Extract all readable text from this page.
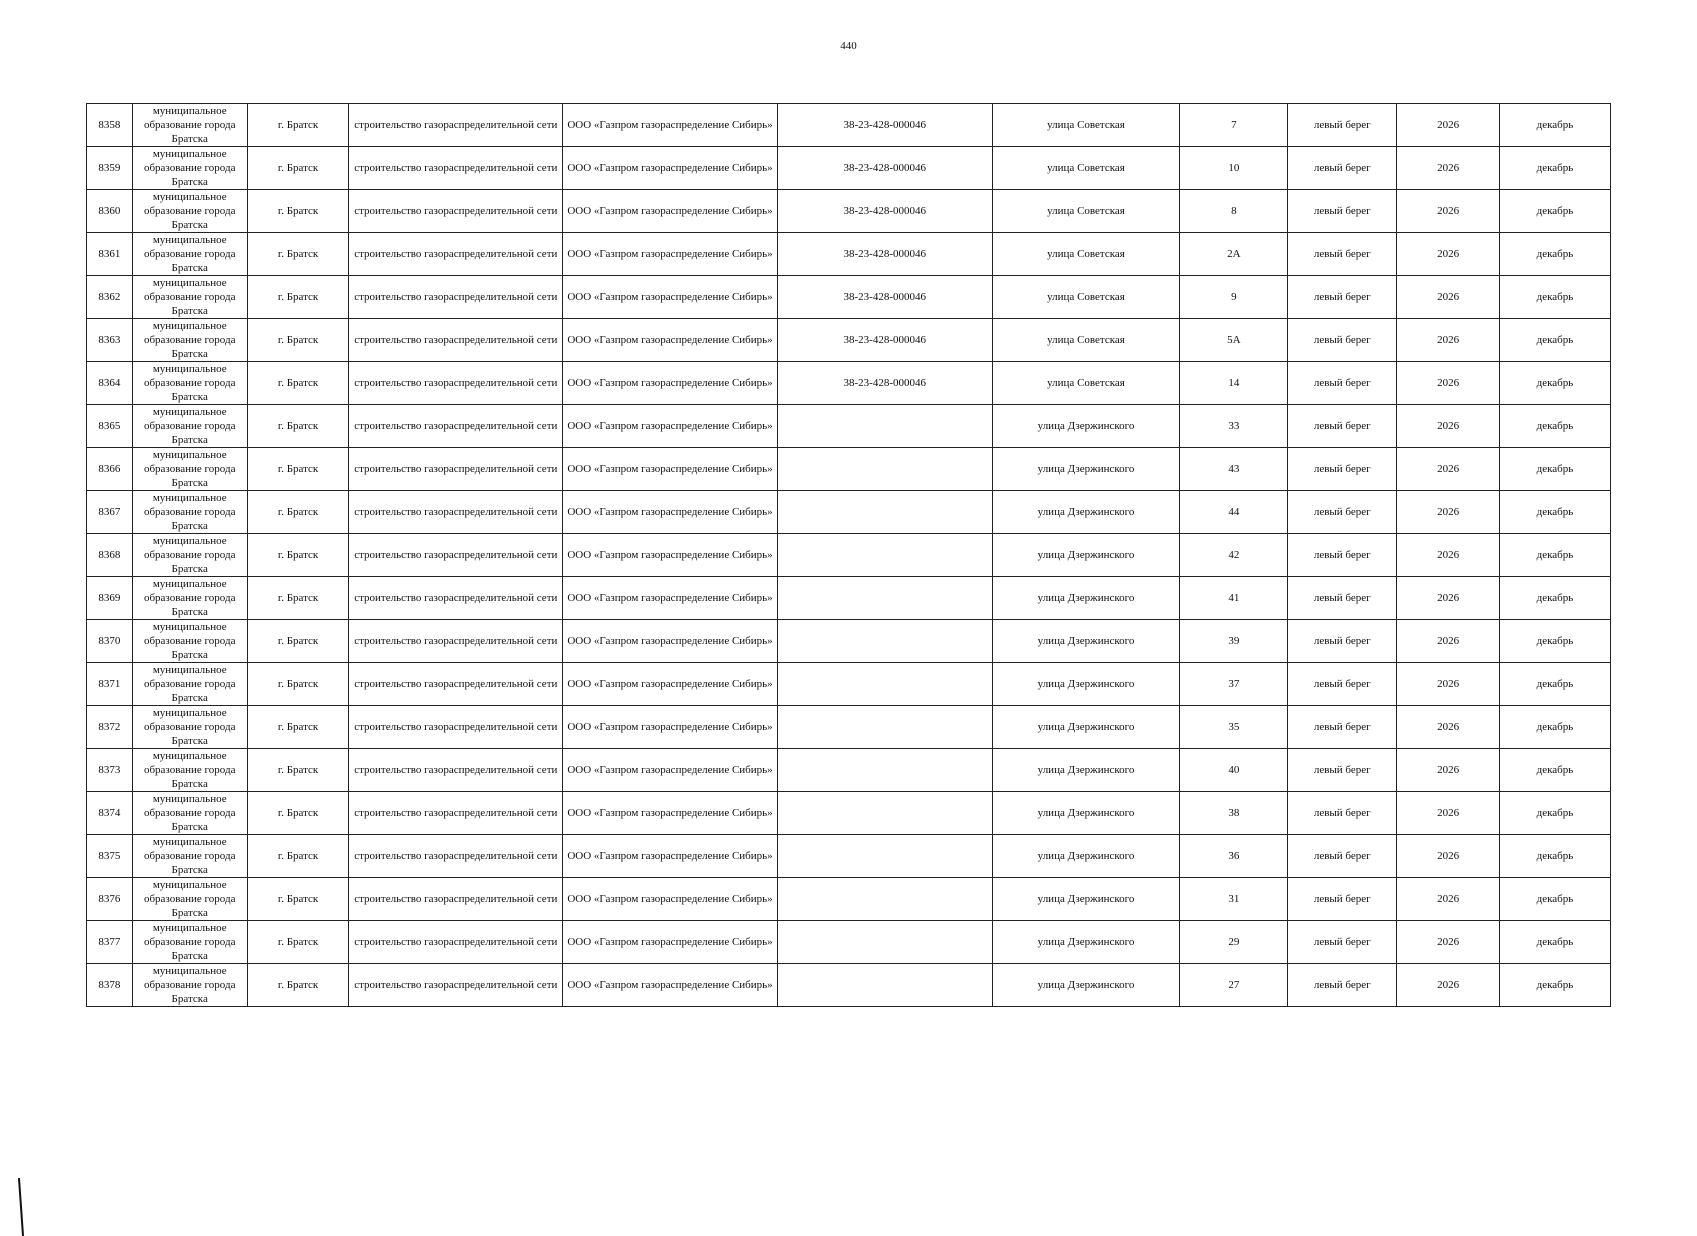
440
8358	муниципальное
образование города
Братска	г. Братск	строительство газораспределительной сети	ООО «Газпром газораспределение Сибирь»	38-23-428-000046	улица Советская	7	левый берег	2026	декабрь
8359	муниципальное
образование города
Братска	г. Братск	строительство газораспределительной сети	ООО «Газпром газораспределение Сибирь»	38-23-428-000046	улица Советская	10	левый берег	2026	декабрь
8360	муниципальное
образование города
Братска	г. Братск	строительство газораспределительной сети	ООО «Газпром газораспределение Сибирь»	38-23-428-000046	улица Советская	8	левый берег	2026	декабрь
8361	муниципальное
образование города
Братска	г. Братск	строительство газораспределительной сети	ООО «Газпром газораспределение Сибирь»	38-23-428-000046	улица Советская	2А	левый берег	2026	декабрь
8362	муниципальное
образование города
Братска	г. Братск	строительство газораспределительной сети	ООО «Газпром газораспределение Сибирь»	38-23-428-000046	улица Советская	9	левый берег	2026	декабрь
8363	муниципальное
образование города
Братска	г. Братск	строительство газораспределительной сети	ООО «Газпром газораспределение Сибирь»	38-23-428-000046	улица Советская	5А	левый берег	2026	декабрь
8364	муниципальное
образование города
Братска	г. Братск	строительство газораспределительной сети	ООО «Газпром газораспределение Сибирь»	38-23-428-000046	улица Советская	14	левый берег	2026	декабрь
8365	муниципальное
образование города
Братска	г. Братск	строительство газораспределительной сети	ООО «Газпром газораспределение Сибирь»		улица Дзержинского	33	левый берег	2026	декабрь
8366	муниципальное
образование города
Братска	г. Братск	строительство газораспределительной сети	ООО «Газпром газораспределение Сибирь»		улица Дзержинского	43	левый берег	2026	декабрь
8367	муниципальное
образование города
Братска	г. Братск	строительство газораспределительной сети	ООО «Газпром газораспределение Сибирь»		улица Дзержинского	44	левый берег	2026	декабрь
8368	муниципальное
образование города
Братска	г. Братск	строительство газораспределительной сети	ООО «Газпром газораспределение Сибирь»		улица Дзержинского	42	левый берег	2026	декабрь
8369	муниципальное
образование города
Братска	г. Братск	строительство газораспределительной сети	ООО «Газпром газораспределение Сибирь»		улица Дзержинского	41	левый берег	2026	декабрь
8370	муниципальное
образование города
Братска	г. Братск	строительство газораспределительной сети	ООО «Газпром газораспределение Сибирь»		улица Дзержинского	39	левый берег	2026	декабрь
8371	муниципальное
образование города
Братска	г. Братск	строительство газораспределительной сети	ООО «Газпром газораспределение Сибирь»		улица Дзержинского	37	левый берег	2026	декабрь
8372	муниципальное
образование города
Братска	г. Братск	строительство газораспределительной сети	ООО «Газпром газораспределение Сибирь»		улица Дзержинского	35	левый берег	2026	декабрь
8373	муниципальное
образование города
Братска	г. Братск	строительство газораспределительной сети	ООО «Газпром газораспределение Сибирь»		улица Дзержинского	40	левый берег	2026	декабрь
8374	муниципальное
образование города
Братска	г. Братск	строительство газораспределительной сети	ООО «Газпром газораспределение Сибирь»		улица Дзержинского	38	левый берег	2026	декабрь
8375	муниципальное
образование города
Братска	г. Братск	строительство газораспределительной сети	ООО «Газпром газораспределение Сибирь»		улица Дзержинского	36	левый берег	2026	декабрь
8376	муниципальное
образование города
Братска	г. Братск	строительство газораспределительной сети	ООО «Газпром газораспределение Сибирь»		улица Дзержинского	31	левый берег	2026	декабрь
8377	муниципальное
образование города
Братска	г. Братск	строительство газораспределительной сети	ООО «Газпром газораспределение Сибирь»		улица Дзержинского	29	левый берег	2026	декабрь
8378	муниципальное
образование города
Братска	г. Братск	строительство газораспределительной сети	ООО «Газпром газораспределение Сибирь»		улица Дзержинского	27	левый берег	2026	декабрь
